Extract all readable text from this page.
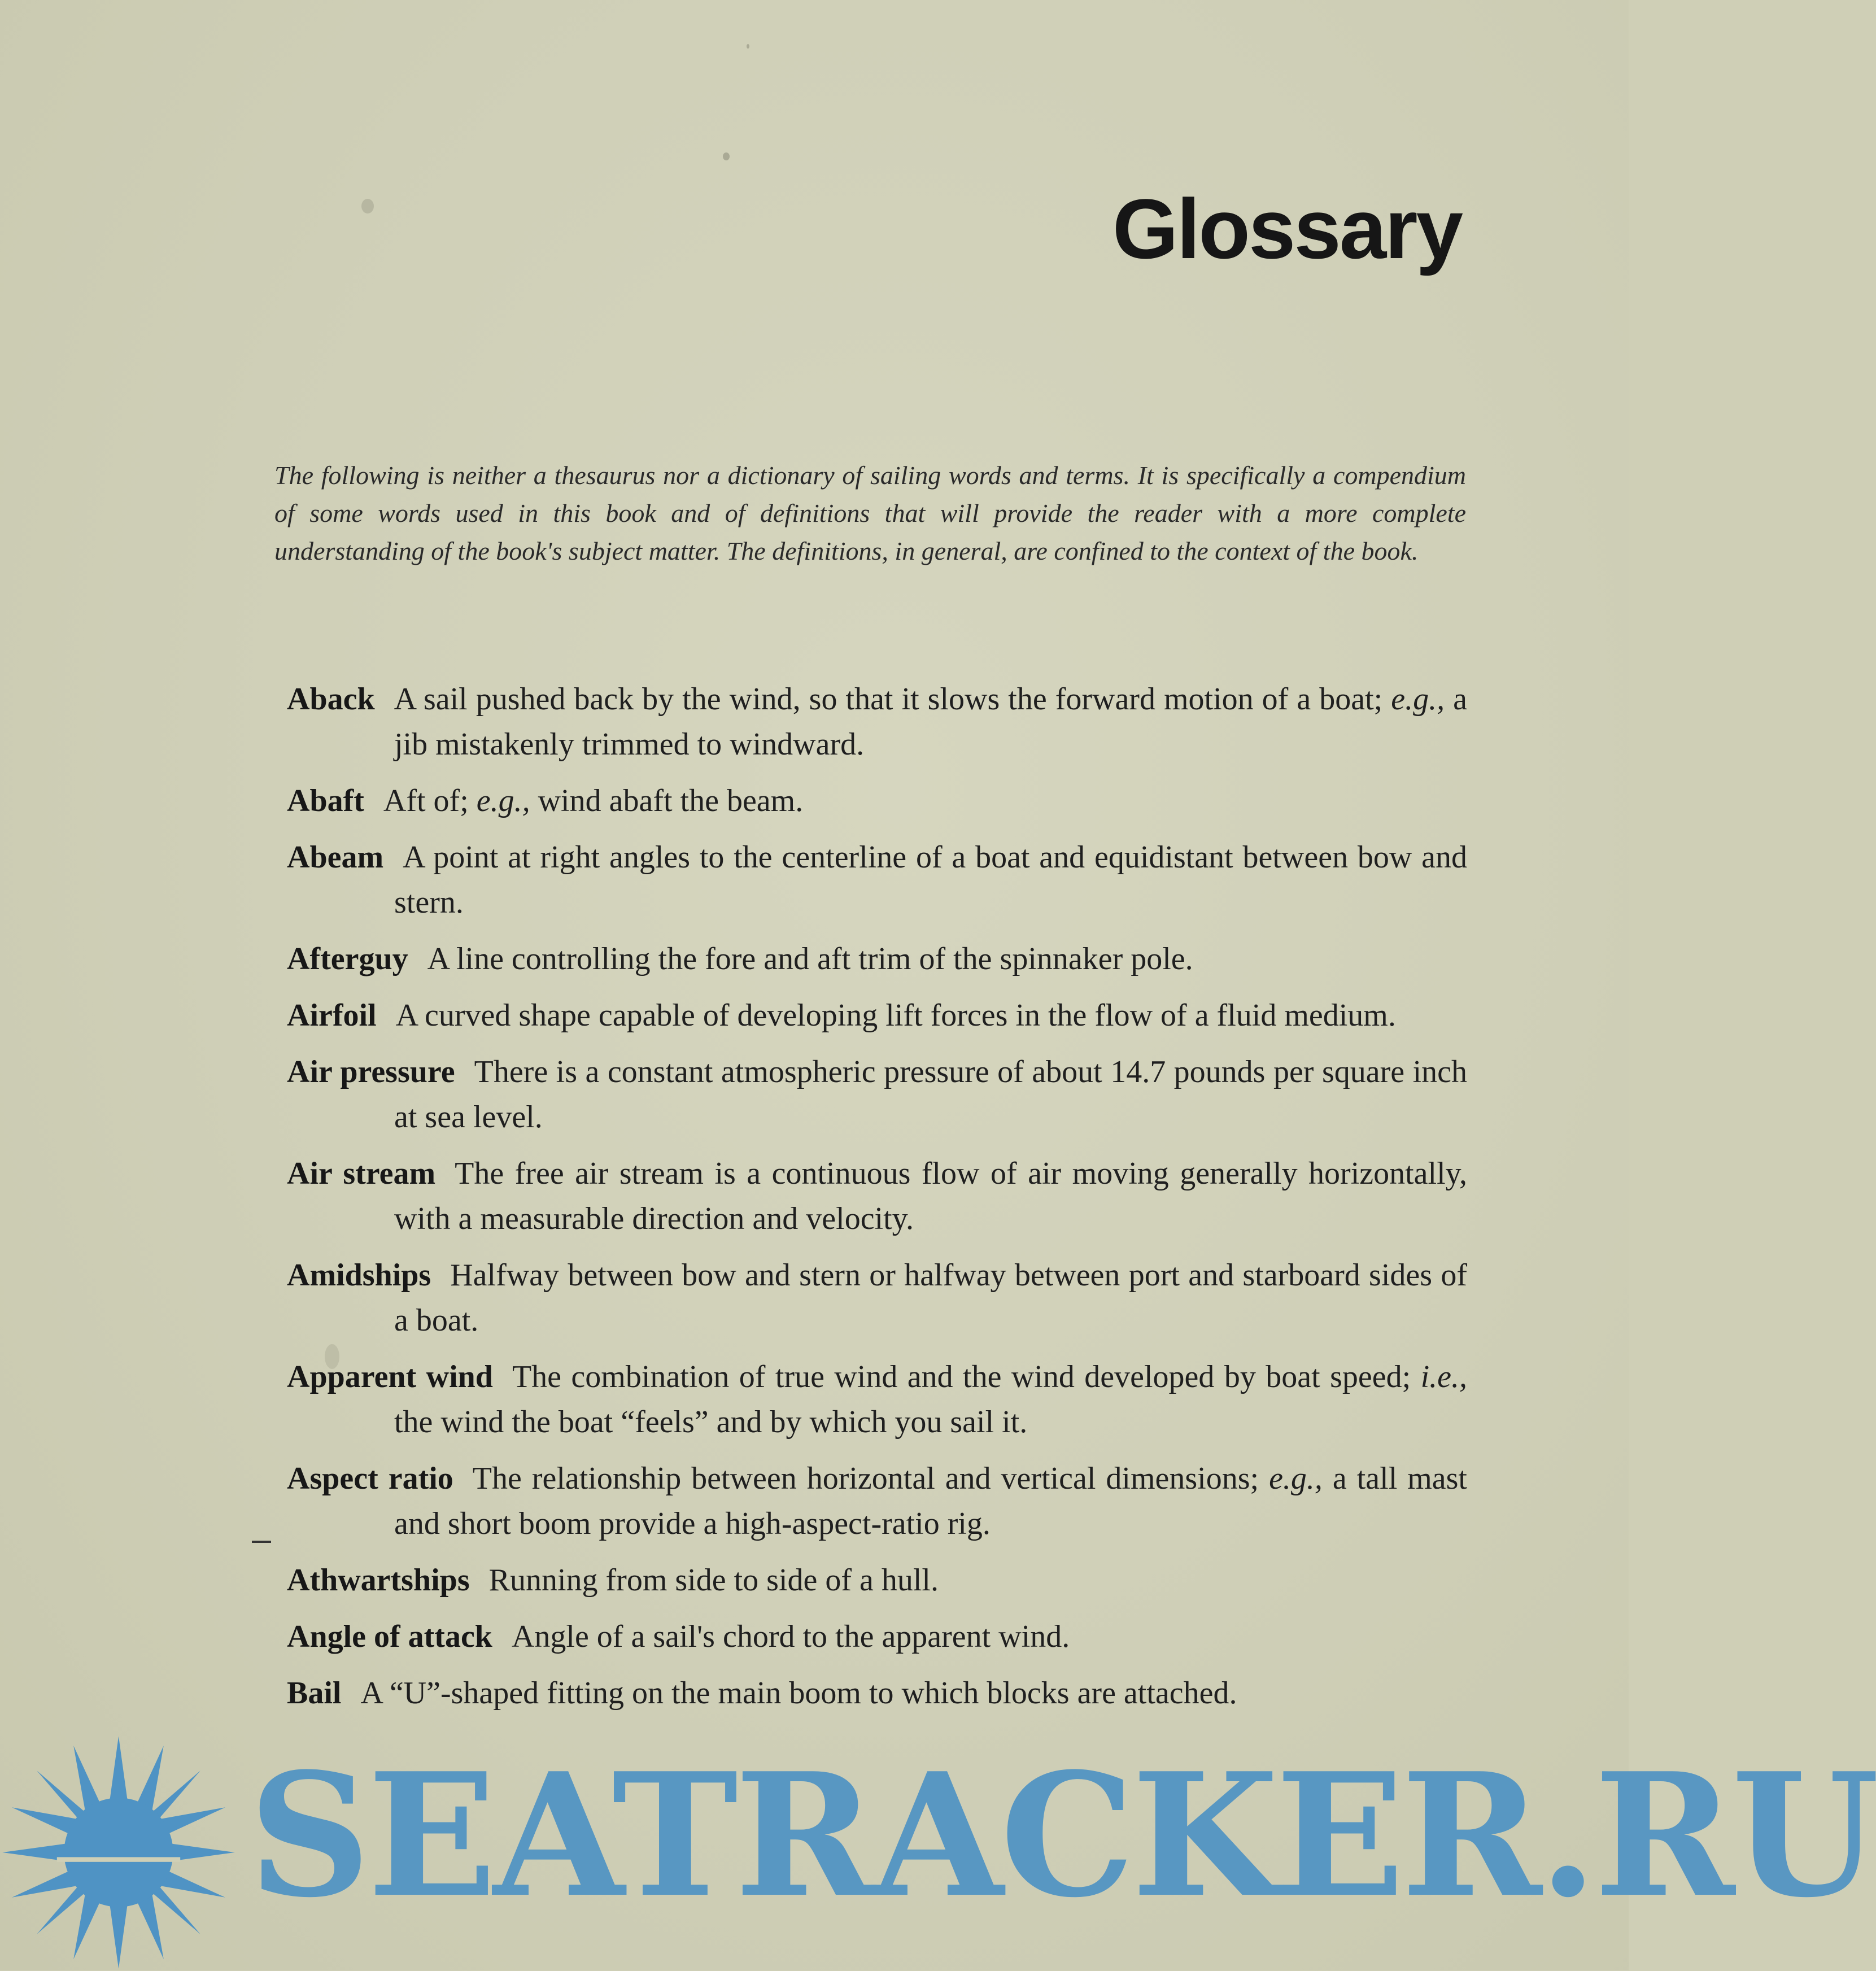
Glossary

The following is neither a thesaurus nor a dictionary of sailing words and terms. It is specifically a compendium of some words used in this book and of definitions that will provide the reader with a more complete understanding of the book's subject matter. The definitions, in general, are confined to the context of the book.

Aback A sail pushed back by the wind, so that it slows the forward motion of a boat; e.g., a jib mistakenly trimmed to windward.
Abaft Aft of; e.g., wind abaft the beam.
Abeam A point at right angles to the centerline of a boat and equidistant between bow and stern.
Afterguy A line controlling the fore and aft trim of the spinnaker pole.
Airfoil A curved shape capable of developing lift forces in the flow of a fluid medium.
Air pressure There is a constant atmospheric pressure of about 14.7 pounds per square inch at sea level.
Air stream The free air stream is a continuous flow of air moving generally horizontally, with a measurable direction and velocity.
Amidships Halfway between bow and stern or halfway between port and starboard sides of a boat.
Apparent wind The combination of true wind and the wind developed by boat speed; i.e., the wind the boat “feels” and by which you sail it.
Aspect ratio The relationship between horizontal and vertical dimensions; e.g., a tall mast and short boom provide a high-aspect-ratio rig.
Athwartships Running from side to side of a hull.
Angle of attack Angle of a sail's chord to the apparent wind.
Bail A “U”-shaped fitting on the main boom to which blocks are attached.
SEATRACKER.RU
